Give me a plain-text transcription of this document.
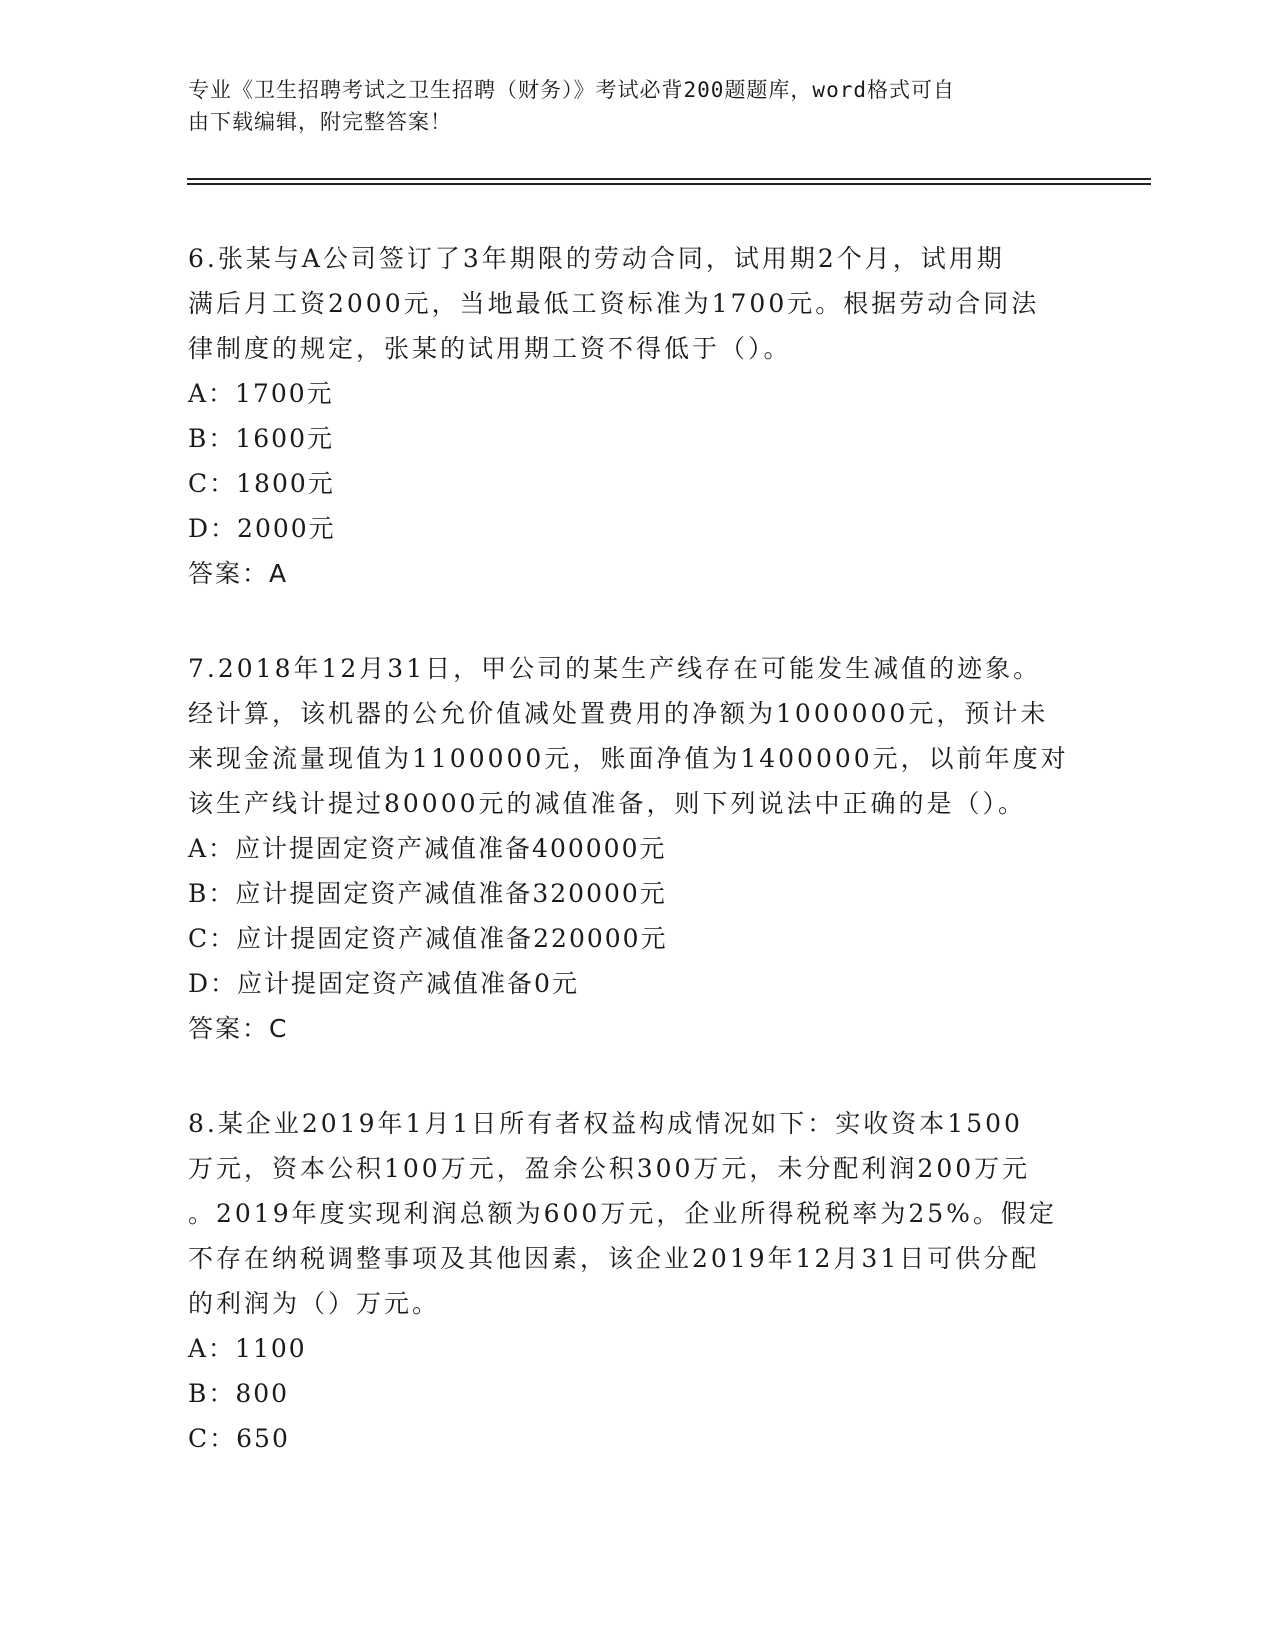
专业《卫生招聘考试之卫生招聘（财务）》考试必背200题题库，word格式可自
由下载编辑，附完整答案！

6.张某与A公司签订了3年期限的劳动合同，试用期2个月，试用期

满后月工资2000元，当地最低工资标准为1700元。根据劳动合同法

律制度的规定，张某的试用期工资不得低于（）。

A：1700元

B：1600元

C：1800元

D：2000元

答案：A

7.2018年12月31日，甲公司的某生产线存在可能发生减值的迹象。

经计算，该机器的公允价值减处置费用的净额为1000000元，预计未

来现金流量现值为1100000元，账面净值为1400000元，以前年度对

该生产线计提过80000元的减值准备，则下列说法中正确的是（）。

A：应计提固定资产减值准备400000元

B：应计提固定资产减值准备320000元

C：应计提固定资产减值准备220000元

D：应计提固定资产减值准备0元

答案：C

8.某企业2019年1月1日所有者权益构成情况如下：实收资本1500

万元，资本公积100万元，盈余公积300万元，未分配利润200万元

。2019年度实现利润总额为600万元，企业所得税税率为25%。假定

不存在纳税调整事项及其他因素，该企业2019年12月31日可供分配

的利润为（）万元。

A：1100

B：800

C：650
